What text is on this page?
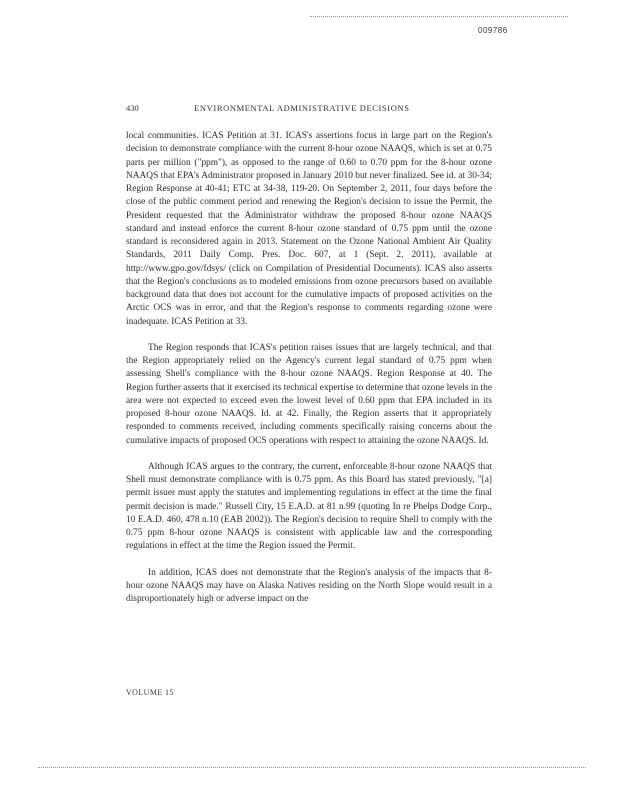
009786
430	ENVIRONMENTAL ADMINISTRATIVE DECISIONS

local communities. ICAS Petition at 31. ICAS's assertions focus in large part on the Region's decision to demonstrate compliance with the current 8-hour ozone NAAQS, which is set at 0.75 parts per million ("ppm"), as opposed to the range of 0.60 to 0.70 ppm for the 8-hour ozone NAAQS that EPA's Administrator proposed in January 2010 but never finalized. See id. at 30-34; Region Response at 40-41; ETC at 34-38, 119-20. On September 2, 2011, four days before the close of the public comment period and renewing the Region's decision to issue the Permit, the President requested that the Administrator withdraw the proposed 8-hour ozone NAAQS standard and instead enforce the current 8-hour ozone standard of 0.75 ppm until the ozone standard is reconsidered again in 2013. Statement on the Ozone National Ambient Air Quality Standards, 2011 Daily Comp. Pres. Doc. 607, at 1 (Sept. 2, 2011), available at http://www.gpo.gov/fdsys/ (click on Compilation of Presidential Documents). ICAS also asserts that the Region's conclusions as to modeled emissions from ozone precursors based on available background data that does not account for the cumulative impacts of proposed activities on the Arctic OCS was in error, and that the Region's response to comments regarding ozone were inadequate. ICAS Petition at 33.

The Region responds that ICAS's petition raises issues that are largely technical, and that the Region appropriately relied on the Agency's current legal standard of 0.75 ppm when assessing Shell's compliance with the 8-hour ozone NAAQS. Region Response at 40. The Region further asserts that it exercised its technical expertise to determine that ozone levels in the area were not expected to exceed even the lowest level of 0.60 ppm that EPA included in its proposed 8-hour ozone NAAQS. Id. at 42. Finally, the Region asserts that it appropriately responded to comments received, including comments specifically raising concerns about the cumulative impacts of proposed OCS operations with respect to attaining the ozone NAAQS. Id.

Although ICAS argues to the contrary, the current, enforceable 8-hour ozone NAAQS that Shell must demonstrate compliance with is 0.75 ppm. As this Board has stated previously, "[a] permit issuer must apply the statutes and implementing regulations in effect at the time the final permit decision is made." Russell City, 15 E.A.D. at 81 n.99 (quoting In re Phelps Dodge Corp., 10 E.A.D. 460, 478 n.10 (EAB 2002)). The Region's decision to require Shell to comply with the 0.75 ppm 8-hour ozone NAAQS is consistent with applicable law and the corresponding regulations in effect at the time the Region issued the Permit.

In addition, ICAS does not demonstrate that the Region's analysis of the impacts that 8-hour ozone NAAQS may have on Alaska Natives residing on the North Slope would result in a disproportionately high or adverse impact on the

VOLUME 15
